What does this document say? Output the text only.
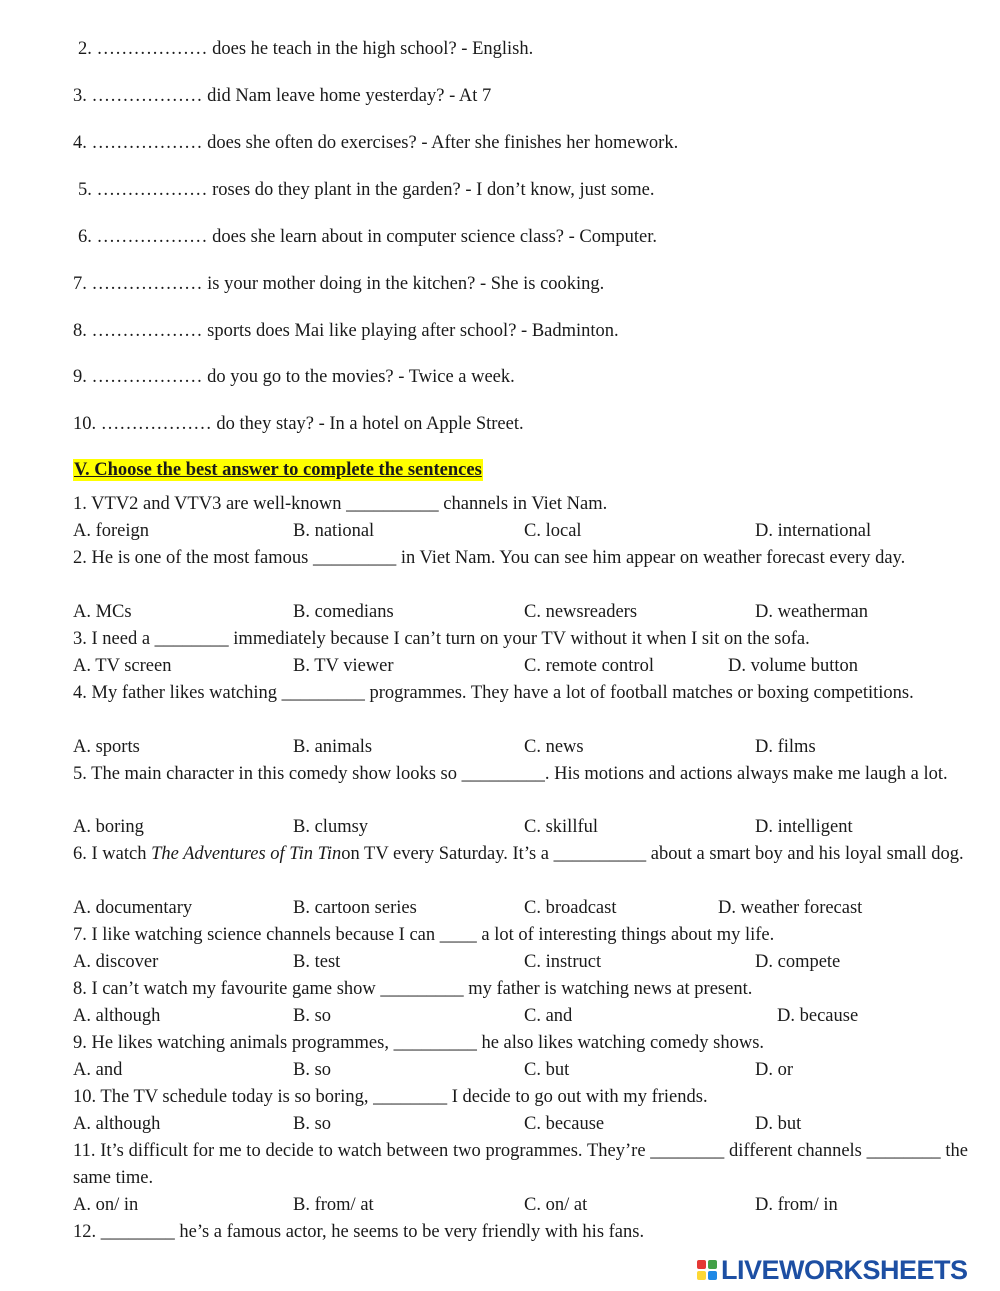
2. ……………… does he teach in the high school? - English.
3. ……………… did Nam leave home yesterday? - At 7
4. ……………… does she often do exercises? - After she finishes her homework.
5. ……………… roses do they plant in the garden? - I don’t know, just some.
6. ……………… does she learn about in computer science class? - Computer.
7. ……………… is your mother doing in the kitchen? - She is cooking.
8. ……………… sports does Mai like playing after school? - Badminton.
9. ……………… do you go to the movies? - Twice a week.
10. ……………… do they stay? - In a hotel on Apple Street.
V. Choose the best answer to complete the sentences
1. VTV2 and VTV3 are well-known __________ channels in Viet Nam.
A. foreign	B. national	C. local	D. international
2. He is one of the most famous _________ in Viet Nam. You can see him appear on weather forecast every day.
A. MCs	B. comedians	C. newsreaders	D. weatherman
3. I need a ________ immediately because I can’t turn on your TV without it when I sit on the sofa.
A. TV screen	B. TV viewer	C. remote control	D. volume button
4. My father likes watching _________ programmes. They have a lot of football matches or boxing competitions.
A. sports	B. animals	C. news	D. films
5. The main character in this comedy show looks so _________. His motions and actions always make me laugh a lot.
A. boring	B. clumsy	C. skillful	D. intelligent
6. I watch The Adventures of Tin Tinon TV every Saturday. It’s a __________ about a smart boy and his loyal small dog.
A. documentary	B. cartoon series	C. broadcast	D. weather forecast
7. I like watching science channels because I can ____ a lot of interesting things about my life.
A. discover	B. test	C. instruct	D. compete
8. I can’t watch my favourite game show _________ my father is watching news at present.
A. although	B. so	C. and	D. because
9. He likes watching animals programmes, _________ he also likes watching comedy shows.
A. and	B. so	C. but	D. or
10. The TV schedule today is so boring, ________ I decide to go out with my friends.
A. although	B. so	C. because	D. but
11. It’s difficult for me to decide to watch between two programmes. They’re ________ different channels ________ the same time.
A. on/ in	B. from/ at	C. on/ at	D. from/ in
12. ________ he’s a famous actor, he seems to be very friendly with his fans.
LIVEWORKSHEETS
